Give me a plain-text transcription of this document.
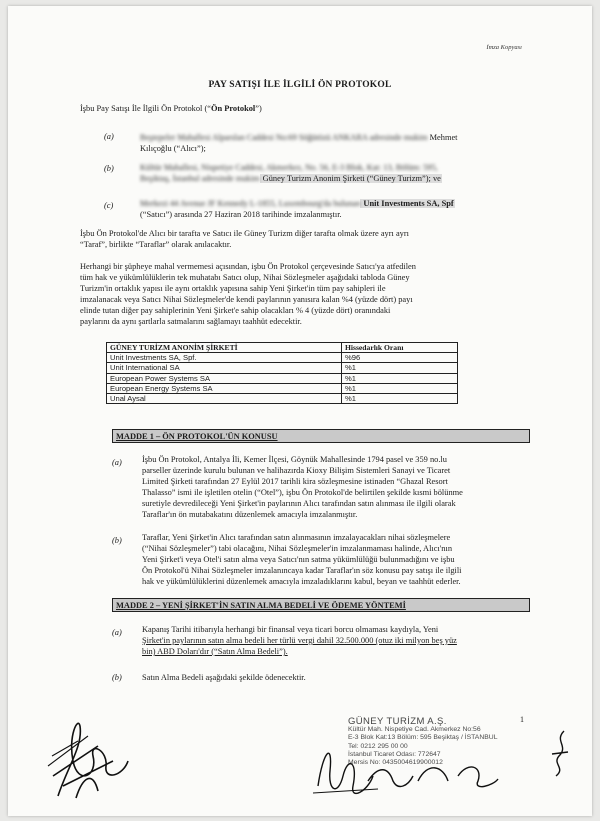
İmza Kopyası
PAY SATIŞI İLE İLGİLİ ÖN PROTOKOL
İşbu Pay Satışı İle İlgili Ön Protokol (“Ön Protokol”)
(a)	Beştepeler Mahallesi Alparslan Caddesi No:69 Söğütözü ANKARA adresinde mukim Mehmet
Kılıçoğlu (“Alıcı”);
(b)	Kültür Mahallesi, Nispetiye Caddesi, Akmerkez, No. 56, E-3 Blok, Kat: 13, Bölüm: 595,
Beşiktaş, İstanbul adresinde mukim Güney Turizm Anonim Şirketi (“Güney Turizm”); ve
(c)	Merkezi 44 Avenue JF Kennedy L-1855, Luxembourg'da bulunan Unit Investments SA, Spf
(“Satıcı”) arasında 27 Haziran 2018 tarihinde imzalanmıştır.
İşbu Ön Protokol'de Alıcı bir tarafta ve Satıcı ile Güney Turizm diğer tarafta olmak üzere ayrı ayrı
“Taraf”, birlikte “Taraflar” olarak anılacaktır.
Herhangi bir şüpheye mahal vermemesi açısından, işbu Ön Protokol çerçevesinde Satıcı'ya atfedilen
tüm hak ve yükümlülüklerin tek muhatabı Satıcı olup, Nihai Sözleşmeler aşağıdaki tabloda Güney
Turizm'in ortaklık yapısı ile aynı ortaklık yapısına sahip Yeni Şirket'in tüm pay sahipleri ile
imzalanacak veya Satıcı Nihai Sözleşmeler'de kendi paylarının yanısıra kalan %4 (yüzde dört) payı
elinde tutan diğer pay sahiplerinin Yeni Şirket'e sahip olacakları % 4 (yüzde dört) oranındaki
paylarını da aynı şartlarla satmalarını sağlamayı taahhüt edecektir.
GÜNEY TURİZM ANONİM ŞİRKETİ	Hissedarlık Oranı
Unit Investments SA, Spf.	%96
Unit International SA	%1
European Power Systems SA	%1
European Energy Systems SA	%1
Unal Aysal	%1
MADDE 1 – ÖN PROTOKOL'ÜN KONUSU
(a) İşbu Ön Protokol, Antalya İli, Kemer İlçesi, Göynük Mahallesinde 1794 pasel ve 359 no.lu
parseller üzerinde kurulu bulunan ve halihazırda Kioxy Bilişim Sistemleri Sanayi ve Ticaret
Limited Şirketi tarafından 27 Eylül 2017 tarihli kira sözleşmesine istinaden “Ghazal Resort
Thalasso” ismi ile işletilen otelin (“Otel”), işbu Ön Protokol'de belirtilen şekilde kısmi bölünme
suretiyle devredileceği Yeni Şirket'in paylarının Alıcı tarafından satın alınması ile ilgili olarak
Taraflar'ın ön mutabakatını düzenlemek amacıyla imzalanmıştır.
(b) Taraflar, Yeni Şirket'in Alıcı tarafından satın alınmasının imzalayacakları nihai sözleşmelere
(“Nihai Sözleşmeler”) tabi olacağını, Nihai Sözleşmeler'in imzalanmaması halinde, Alıcı'nın
Yeni Şirket'i veya Otel'i satın alma veya Satıcı'nın satma yükümlülüğü bulunmadığını ve işbu
Ön Protokol'ü Nihai Sözleşmeler imzalanıncaya kadar Taraflar'ın söz konusu pay satışı ile ilgili
hak ve yükümlülüklerini düzenlemek amacıyla imzaladıklarını kabul, beyan ve taahhüt ederler.
MADDE 2 – YENİ ŞİRKET'İN SATIN ALMA BEDELİ VE ÖDEME YÖNTEMİ
(a) Kapanış Tarihi itibarıyla herhangi bir finansal veya ticari borcu olmaması kaydıyla, Yeni
Şirket'in paylarının satın alma bedeli her türlü vergi dahil 32.500.000 (otuz iki milyon beş yüz
bin) ABD Doları'dır (“Satın Alma Bedeli”).
(b) Satın Alma Bedeli aşağıdaki şekilde ödenecektir.
1
GÜNEY TURİZM A.Ş.
Kültür Mah. Nispetiye Cad. Akmerkez No:56
E-3 Blok Kat:13 Bölüm: 595 Beşiktaş / İSTANBUL
Tel: 0212 295 00 00
İstanbul Ticaret Odası: 772647
Mersis No: 0435004619900012
